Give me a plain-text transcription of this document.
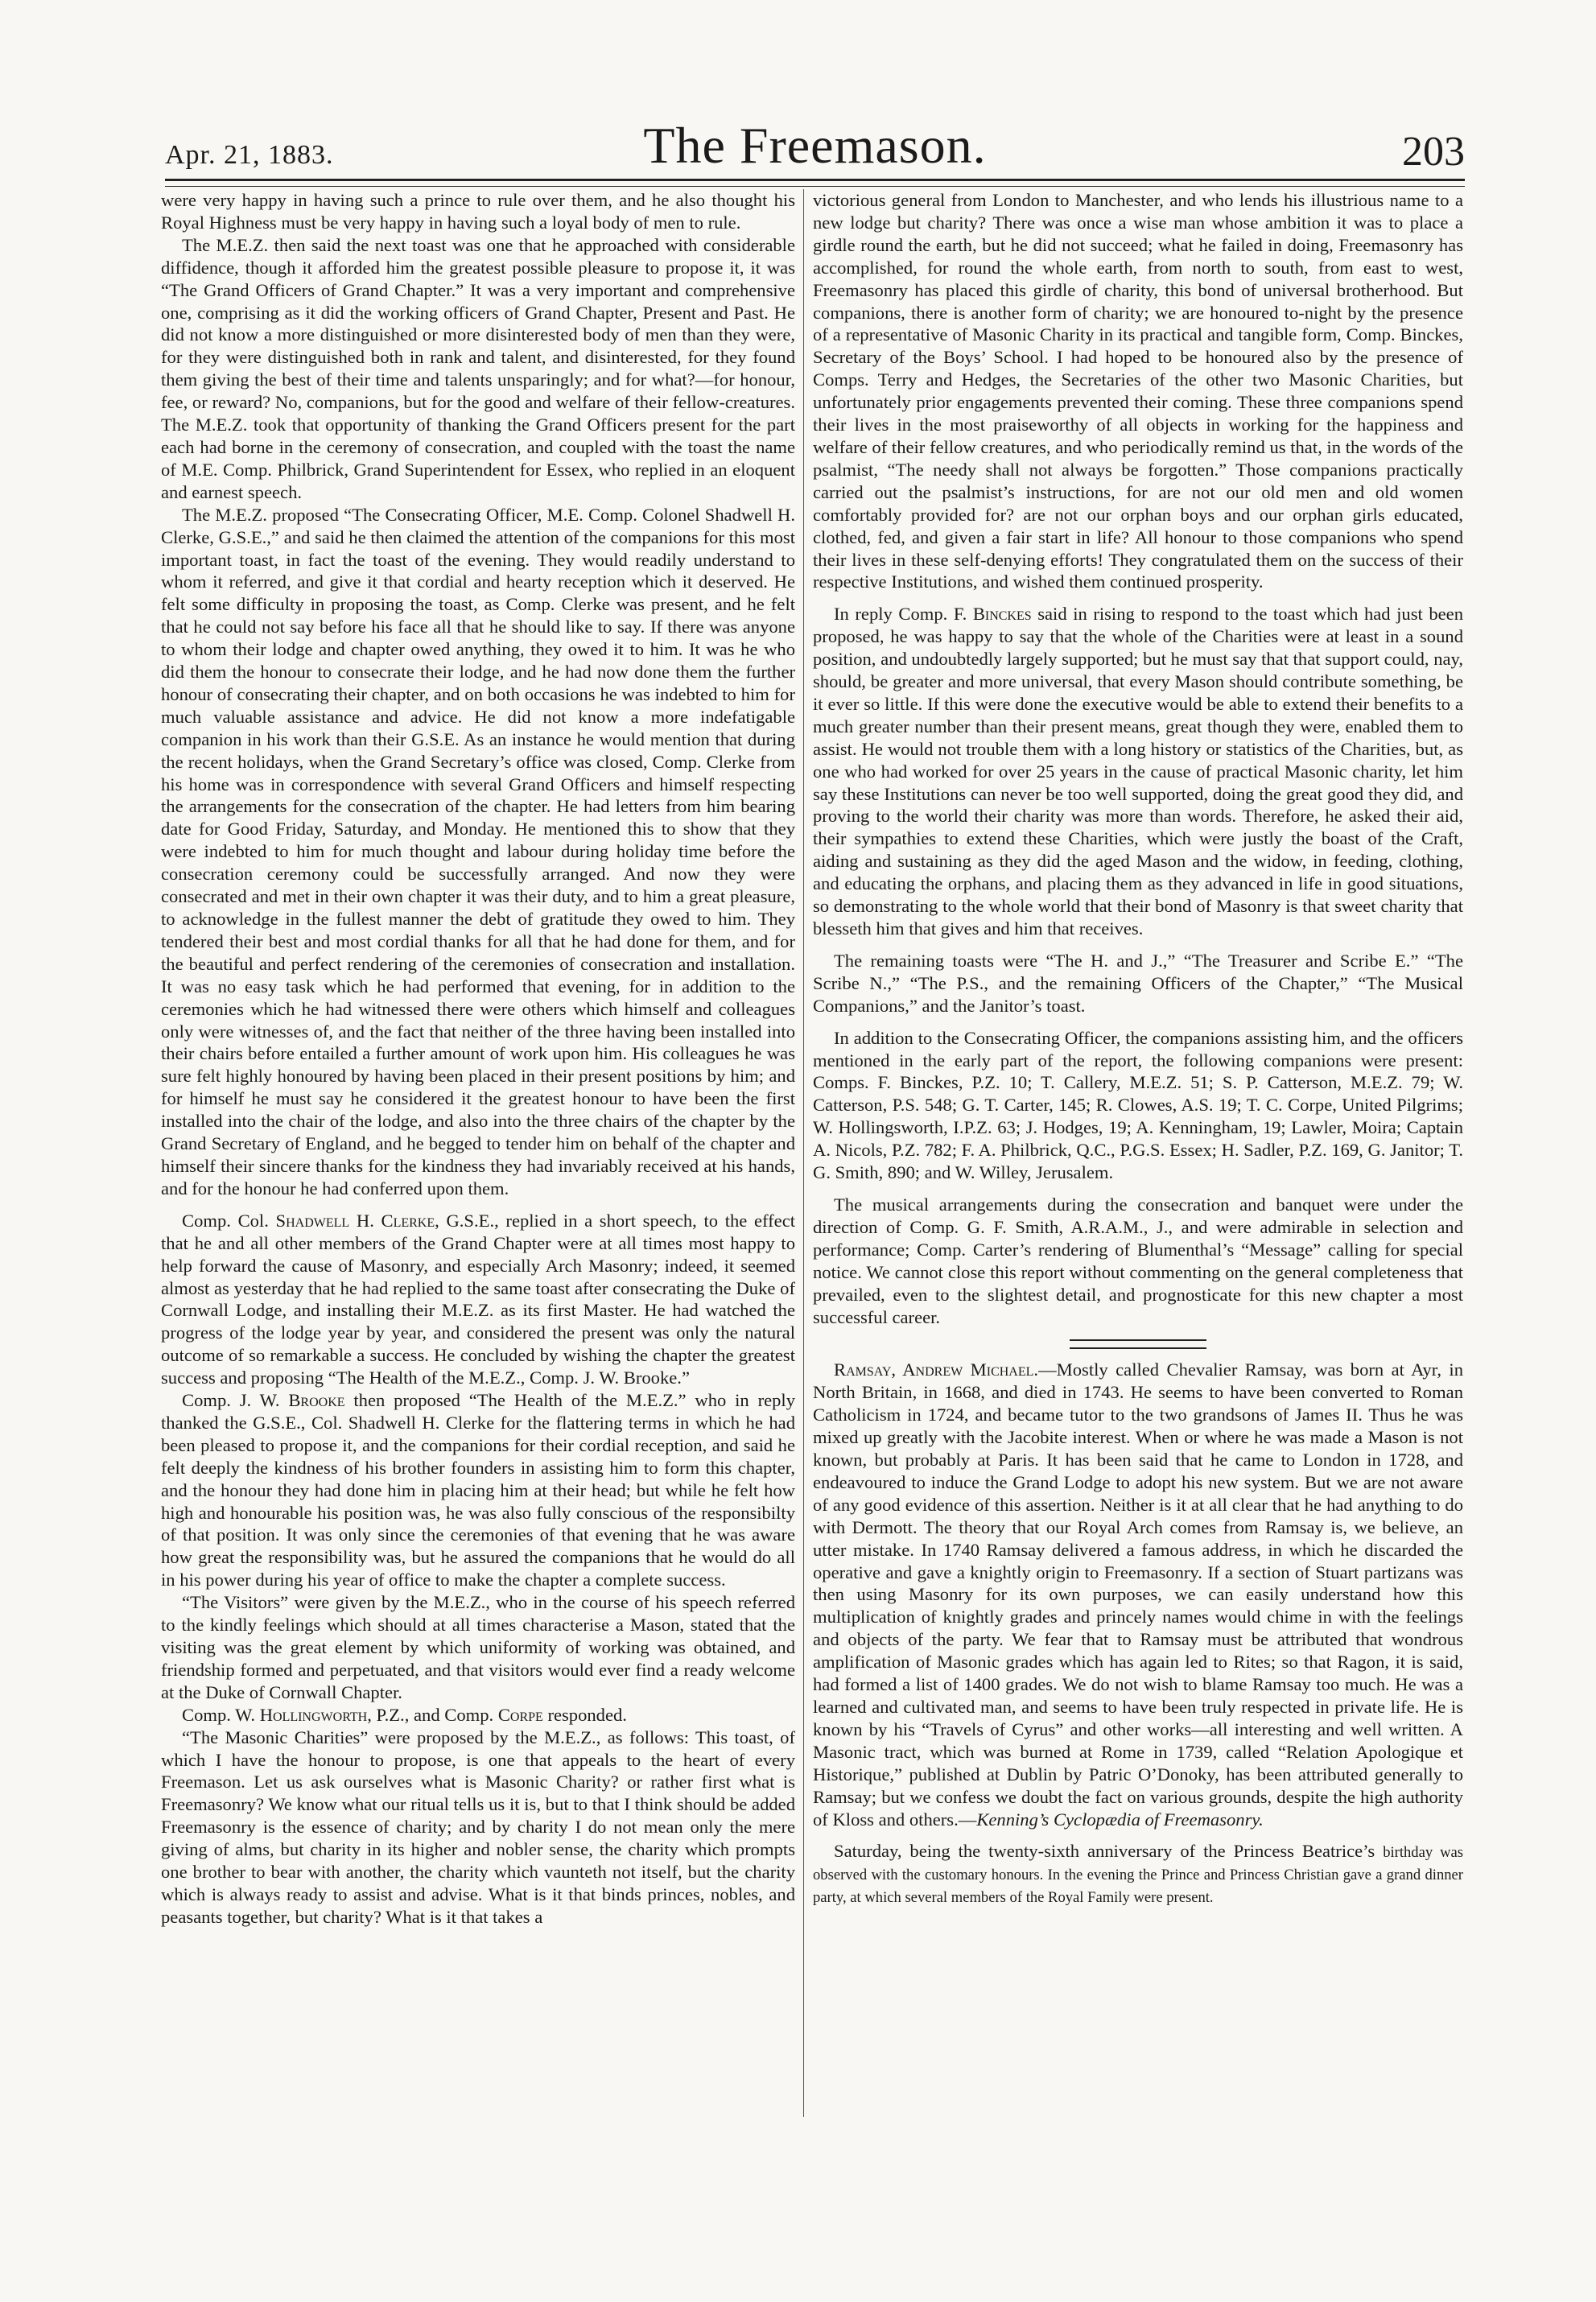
Apr. 21, 1883.	The Freemason.	203

were very happy in having such a prince to rule over them, and he also thought his Royal Highness must be very happy in having such a loyal body of men to rule.

The M.E.Z. then said the next toast was one that he approached with considerable diffidence, though it afforded him the greatest possible pleasure to propose it, it was “The Grand Officers of Grand Chapter.” It was a very important and comprehensive one, comprising as it did the working officers of Grand Chapter, Present and Past. He did not know a more distinguished or more disinterested body of men than they were, for they were distinguished both in rank and talent, and disinterested, for they found them giving the best of their time and talents unsparingly; and for what?—for honour, fee, or reward? No, companions, but for the good and welfare of their fellow-creatures. The M.E.Z. took that opportunity of thanking the Grand Officers present for the part each had borne in the ceremony of consecration, and coupled with the toast the name of M.E. Comp. Philbrick, Grand Superintendent for Essex, who replied in an eloquent and earnest speech.

The M.E.Z. proposed “The Consecrating Officer, M.E. Comp. Colonel Shadwell H. Clerke, G.S.E.,” and said he then claimed the attention of the companions for this most important toast, in fact the toast of the evening. They would readily understand to whom it referred, and give it that cordial and hearty reception which it deserved. He felt some difficulty in proposing the toast, as Comp. Clerke was present, and he felt that he could not say before his face all that he should like to say. If there was anyone to whom their lodge and chapter owed anything, they owed it to him. It was he who did them the honour to consecrate their lodge, and he had now done them the further honour of consecrating their chapter, and on both occasions he was indebted to him for much valuable assistance and advice. He did not know a more indefatigable companion in his work than their G.S.E. As an instance he would mention that during the recent holidays, when the Grand Secretary’s office was closed, Comp. Clerke from his home was in correspondence with several Grand Officers and himself respecting the arrangements for the consecration of the chapter. He had letters from him bearing date for Good Friday, Saturday, and Monday. He mentioned this to show that they were indebted to him for much thought and labour during holiday time before the consecration ceremony could be successfully arranged. And now they were consecrated and met in their own chapter it was their duty, and to him a great pleasure, to acknowledge in the fullest manner the debt of gratitude they owed to him. They tendered their best and most cordial thanks for all that he had done for them, and for the beautiful and perfect rendering of the ceremonies of consecration and installation. It was no easy task which he had performed that evening, for in addition to the ceremonies which he had witnessed there were others which himself and colleagues only were witnesses of, and the fact that neither of the three having been installed into their chairs before entailed a further amount of work upon him. His colleagues he was sure felt highly honoured by having been placed in their present positions by him; and for himself he must say he considered it the greatest honour to have been the first installed into the chair of the lodge, and also into the three chairs of the chapter by the Grand Secretary of England, and he begged to tender him on behalf of the chapter and himself their sincere thanks for the kindness they had invariably received at his hands, and for the honour he had conferred upon them.

Comp. Col. Shadwell H. Clerke, G.S.E., replied in a short speech, to the effect that he and all other members of the Grand Chapter were at all times most happy to help forward the cause of Masonry, and especially Arch Masonry; indeed, it seemed almost as yesterday that he had replied to the same toast after consecrating the Duke of Cornwall Lodge, and installing their M.E.Z. as its first Master. He had watched the progress of the lodge year by year, and considered the present was only the natural outcome of so remarkable a success. He concluded by wishing the chapter the greatest success and proposing “The Health of the M.E.Z., Comp. J. W. Brooke.”

Comp. J. W. Brooke then proposed “The Health of the M.E.Z.” who in reply thanked the G.S.E., Col. Shadwell H. Clerke for the flattering terms in which he had been pleased to propose it, and the companions for their cordial reception, and said he felt deeply the kindness of his brother founders in assisting him to form this chapter, and the honour they had done him in placing him at their head; but while he felt how high and honourable his position was, he was also fully conscious of the responsibilty of that position. It was only since the ceremonies of that evening that he was aware how great the responsibility was, but he assured the companions that he would do all in his power during his year of office to make the chapter a complete success.

“The Visitors” were given by the M.E.Z., who in the course of his speech referred to the kindly feelings which should at all times characterise a Mason, stated that the visiting was the great element by which uniformity of working was obtained, and friendship formed and perpetuated, and that visitors would ever find a ready welcome at the Duke of Cornwall Chapter.

Comp. W. Hollingworth, P.Z., and Comp. Corpe responded.

“The Masonic Charities” were proposed by the M.E.Z., as follows: This toast, of which I have the honour to propose, is one that appeals to the heart of every Freemason. Let us ask ourselves what is Masonic Charity? or rather first what is Freemasonry? We know what our ritual tells us it is, but to that I think should be added Freemasonry is the essence of charity; and by charity I do not mean only the mere giving of alms, but charity in its higher and nobler sense, the charity which prompts one brother to bear with another, the charity which vaunteth not itself, but the charity which is always ready to assist and advise. What is it that binds princes, nobles, and peasants together, but charity? What is it that takes a

victorious general from London to Manchester, and who lends his illustrious name to a new lodge but charity? There was once a wise man whose ambition it was to place a girdle round the earth, but he did not succeed; what he failed in doing, Freemasonry has accomplished, for round the whole earth, from north to south, from east to west, Freemasonry has placed this girdle of charity, this bond of universal brotherhood. But companions, there is another form of charity; we are honoured to-night by the presence of a representative of Masonic Charity in its practical and tangible form, Comp. Binckes, Secretary of the Boys’ School. I had hoped to be honoured also by the presence of Comps. Terry and Hedges, the Secretaries of the other two Masonic Charities, but unfortunately prior engagements prevented their coming. These three companions spend their lives in the most praiseworthy of all objects in working for the happiness and welfare of their fellow creatures, and who periodically remind us that, in the words of the psalmist, “The needy shall not always be forgotten.” Those companions practically carried out the psalmist’s instructions, for are not our old men and old women comfortably provided for? are not our orphan boys and our orphan girls educated, clothed, fed, and given a fair start in life? All honour to those companions who spend their lives in these self-denying efforts! They congratulated them on the success of their respective Institutions, and wished them continued prosperity.

In reply Comp. F. Binckes said in rising to respond to the toast which had just been proposed, he was happy to say that the whole of the Charities were at least in a sound position, and undoubtedly largely supported; but he must say that that support could, nay, should, be greater and more universal, that every Mason should contribute something, be it ever so little. If this were done the executive would be able to extend their benefits to a much greater number than their present means, great though they were, enabled them to assist. He would not trouble them with a long history or statistics of the Charities, but, as one who had worked for over 25 years in the cause of practical Masonic charity, let him say these Institutions can never be too well supported, doing the great good they did, and proving to the world their charity was more than words. Therefore, he asked their aid, their sympathies to extend these Charities, which were justly the boast of the Craft, aiding and sustaining as they did the aged Mason and the widow, in feeding, clothing, and educating the orphans, and placing them as they advanced in life in good situations, so demonstrating to the whole world that their bond of Masonry is that sweet charity that blesseth him that gives and him that receives.

The remaining toasts were “The H. and J.,” “The Treasurer and Scribe E.” “The Scribe N.,” “The P.S., and the remaining Officers of the Chapter,” “The Musical Companions,” and the Janitor’s toast.

In addition to the Consecrating Officer, the companions assisting him, and the officers mentioned in the early part of the report, the following companions were present: Comps. F. Binckes, P.Z. 10; T. Callery, M.E.Z. 51; S. P. Catterson, M.E.Z. 79; W. Catterson, P.S. 548; G. T. Carter, 145; R. Clowes, A.S. 19; T. C. Corpe, United Pilgrims; W. Hollingsworth, I.P.Z. 63; J. Hodges, 19; A. Kenningham, 19; Lawler, Moira; Captain A. Nicols, P.Z. 782; F. A. Philbrick, Q.C., P.G.S. Essex; H. Sadler, P.Z. 169, G. Janitor; T. G. Smith, 890; and W. Willey, Jerusalem.

The musical arrangements during the consecration and banquet were under the direction of Comp. G. F. Smith, A.R.A.M., J., and were admirable in selection and performance; Comp. Carter’s rendering of Blumenthal’s “Message” calling for special notice. We cannot close this report without commenting on the general completeness that prevailed, even to the slightest detail, and prognosticate for this new chapter a most successful career.

Ramsay, Andrew Michael.—Mostly called Chevalier Ramsay, was born at Ayr, in North Britain, in 1668, and died in 1743. He seems to have been converted to Roman Catholicism in 1724, and became tutor to the two grandsons of James II. Thus he was mixed up greatly with the Jacobite interest. When or where he was made a Mason is not known, but probably at Paris. It has been said that he came to London in 1728, and endeavoured to induce the Grand Lodge to adopt his new system. But we are not aware of any good evidence of this assertion. Neither is it at all clear that he had anything to do with Dermott. The theory that our Royal Arch comes from Ramsay is, we believe, an utter mistake. In 1740 Ramsay delivered a famous address, in which he discarded the operative and gave a knightly origin to Freemasonry. If a section of Stuart partizans was then using Masonry for its own purposes, we can easily understand how this multiplication of knightly grades and princely names would chime in with the feelings and objects of the party. We fear that to Ramsay must be attributed that wondrous amplification of Masonic grades which has again led to Rites; so that Ragon, it is said, had formed a list of 1400 grades. We do not wish to blame Ramsay too much. He was a learned and cultivated man, and seems to have been truly respected in private life. He is known by his “Travels of Cyrus” and other works—all interesting and well written. A Masonic tract, which was burned at Rome in 1739, called “Relation Apologique et Historique,” published at Dublin by Patric O’Donoky, has been attributed generally to Ramsay; but we confess we doubt the fact on various grounds, despite the high authority of Kloss and others.—Kenning’s Cyclopædia of Freemasonry.

Saturday, being the twenty-sixth anniversary of the Princess Beatrice’s birthday was observed with the customary honours. In the evening the Prince and Princess Christian gave a grand dinner party, at which several members of the Royal Family were present.
